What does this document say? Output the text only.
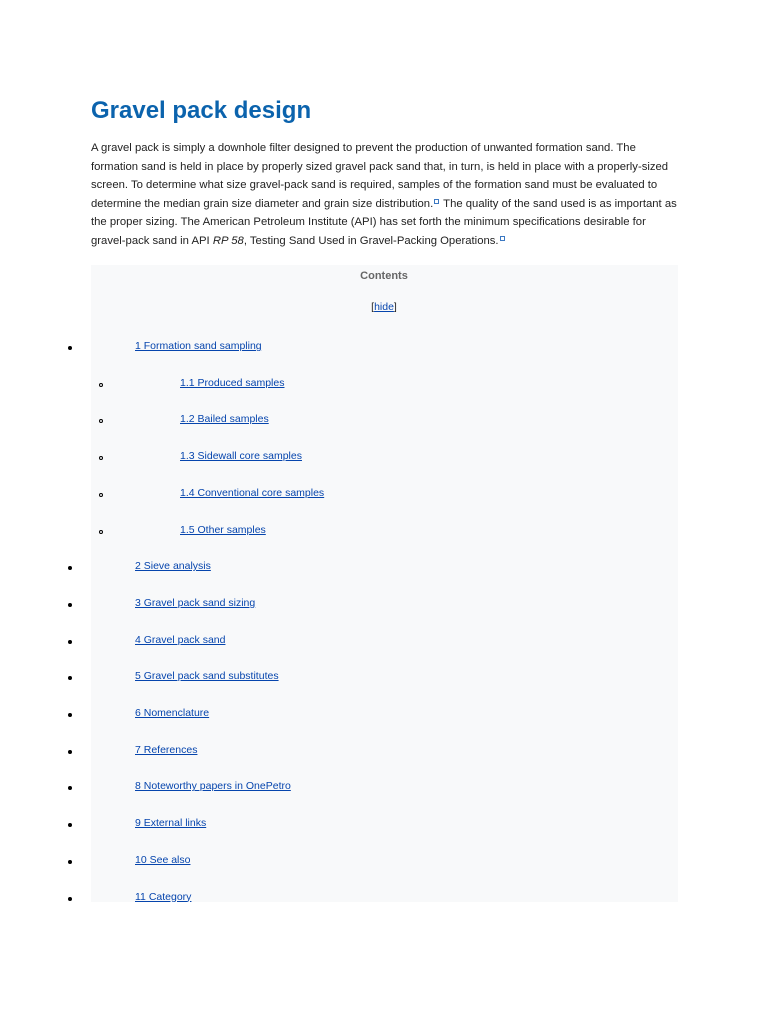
Gravel pack design

A gravel pack is simply a downhole filter designed to prevent the production of unwanted formation sand. The formation sand is held in place by properly sized gravel pack sand that, in turn, is held in place with a properly-sized screen. To determine what size gravel-pack sand is required, samples of the formation sand must be evaluated to determine the median grain size diameter and grain size distribution. The quality of the sand used is as important as the proper sizing. The American Petroleum Institute (API) has set forth the minimum specifications desirable for gravel-pack sand in API RP 58, Testing Sand Used in Gravel-Packing Operations.

Contents
[hide]
1 Formation sand sampling
1.1 Produced samples
1.2 Bailed samples
1.3 Sidewall core samples
1.4 Conventional core samples
1.5 Other samples
2 Sieve analysis
3 Gravel pack sand sizing
4 Gravel pack sand
5 Gravel pack sand substitutes
6 Nomenclature
7 References
8 Noteworthy papers in OnePetro
9 External links
10 See also
11 Category
